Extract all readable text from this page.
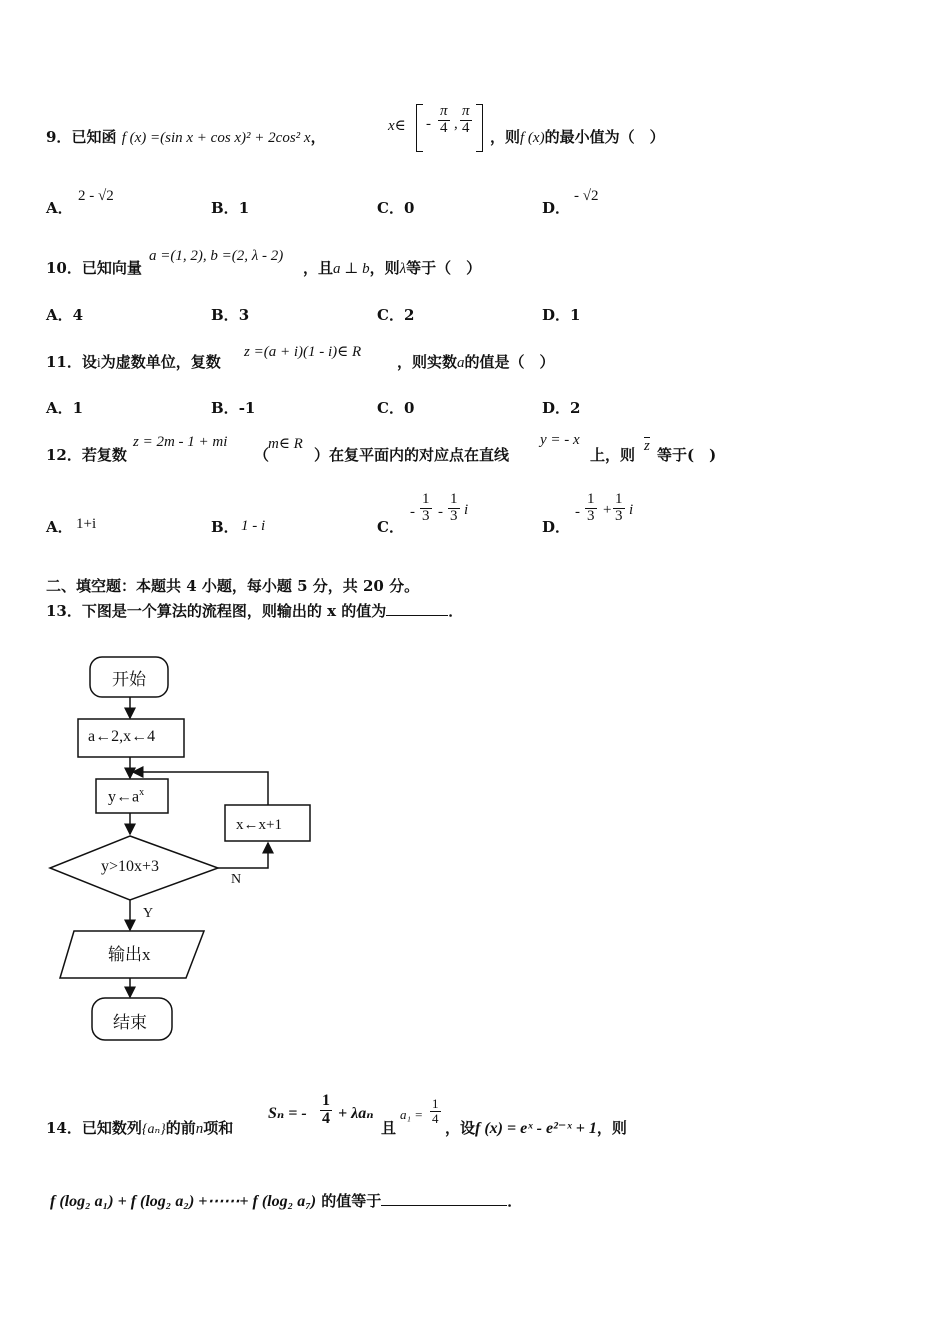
9．已知函 f (x) =(sin x + cos x)² + 2cos² x，
x∈ - $\frac{\pi}{4}$ , $\frac{\pi}{4}$
，则f (x)的最小值为（　）
A．
2 - √2
B．1	C．0	D．
- √2
10．已知向量
a =(1, 2), b =(2, λ - 2)
，且a ⊥ b，则λ等于（　）
A．4	B．3	C．2	D．1
11．设i为虚数单位，复数
z =(a + i)(1 - i)∈ R
，则实数a的值是（　）
A．1	B．-1	C．0	D．2
12．若复数
z = 2m - 1 + mi
（
m∈ R
）在复平面内的对应点在直线
y = - x
上，则 z 等于(　)
A． 1+i	B． 1 - i	C．
- $\frac{1}{3} - \frac{1}{3}$ i
D．
- $\frac{1}{3} + \frac{1}{3}$ i
二、填空题：本题共 4 小题，每小题 5 分，共 20 分。
13．下图是一个算法的流程图，则输出的 x 的值为	．
开始
a←2,x←4
$y\leftarrow a^x$
x←x+1
y>10x+3
N
Y
输出x
结束
14．已知数列{aₙ}的前n项和
Sₙ = - $\frac{1}{4} + \lambda a_n$
且
$a_1 = \frac{1}{4}$
，设f (x) = eˣ - e²⁻ˣ + 1，则
f (log₂ a₁) + f (log₂ a₂) +⋯⋯+ f (log₂ a₇) 的值等于	．
